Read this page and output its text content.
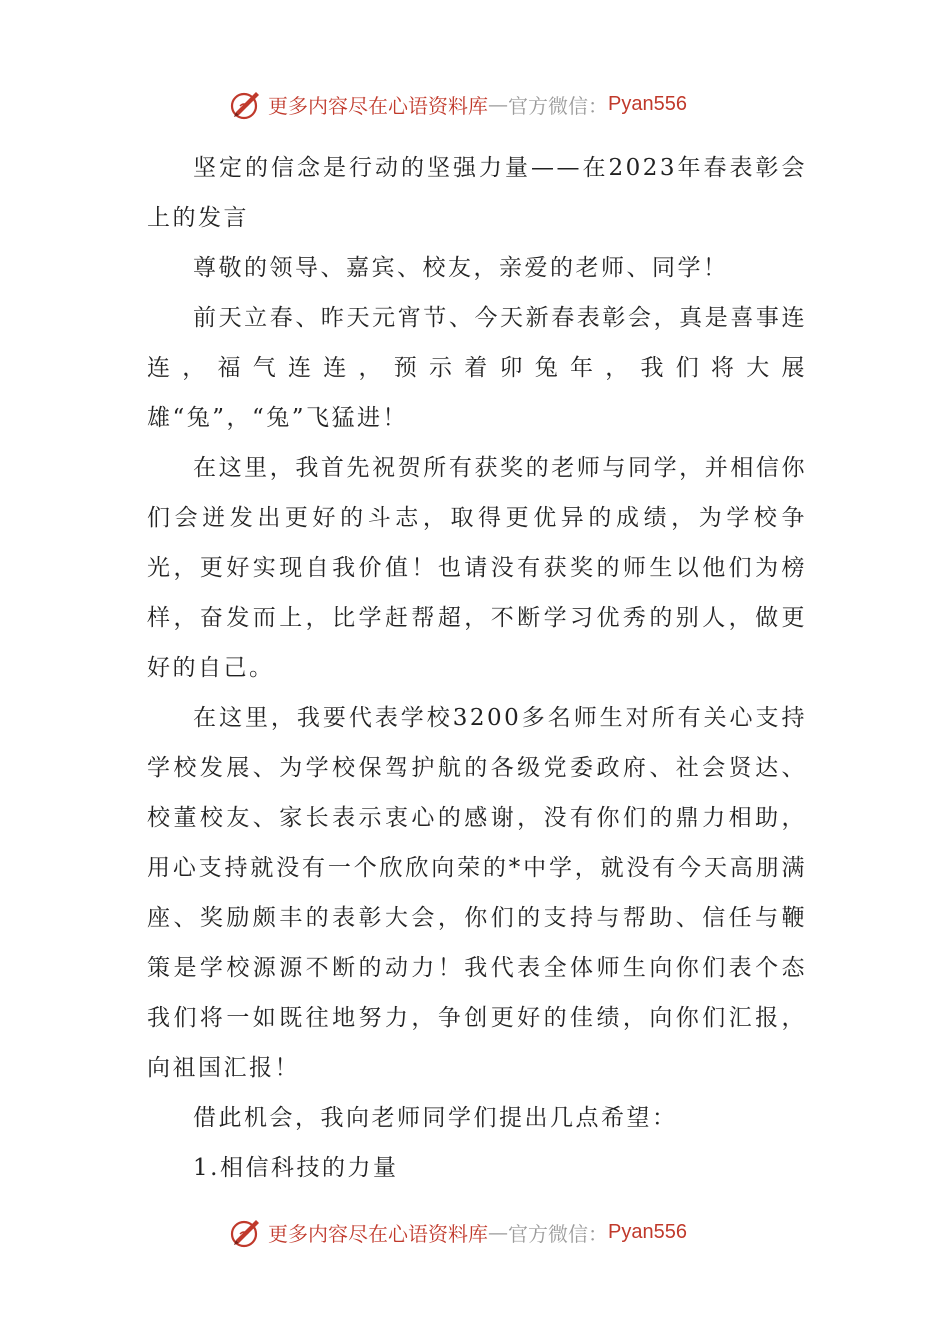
更多内容尽在心语资料库 — 官方微信： Pyan556

坚定的信念是行动的坚强力量——在2023年春表彰会上的发言

尊敬的领导、嘉宾、校友，亲爱的老师、同学！

前天立春、昨天元宵节、今天新春表彰会，真是喜事连连，福气连连，预示着卯兔年，我们将大展雄“兔”，“兔”飞猛进！

在这里，我首先祝贺所有获奖的老师与同学，并相信你们会迸发出更好的斗志，取得更优异的成绩，为学校争光，更好实现自我价值！也请没有获奖的师生以他们为榜样，奋发而上，比学赶帮超，不断学习优秀的别人，做更好的自己。

在这里，我要代表学校3200多名师生对所有关心支持学校发展、为学校保驾护航的各级党委政府、社会贤达、校董校友、家长表示衷心的感谢，没有你们的鼎力相助，用心支持就没有一个欣欣向荣的*中学，就没有今天高朋满座、奖励颇丰的表彰大会，你们的支持与帮助、信任与鞭策是学校源源不断的动力！我代表全体师生向你们表个态我们将一如既往地努力，争创更好的佳绩，向你们汇报，向祖国汇报！

借此机会，我向老师同学们提出几点希望：

1.相信科技的力量

更多内容尽在心语资料库 — 官方微信： Pyan556
